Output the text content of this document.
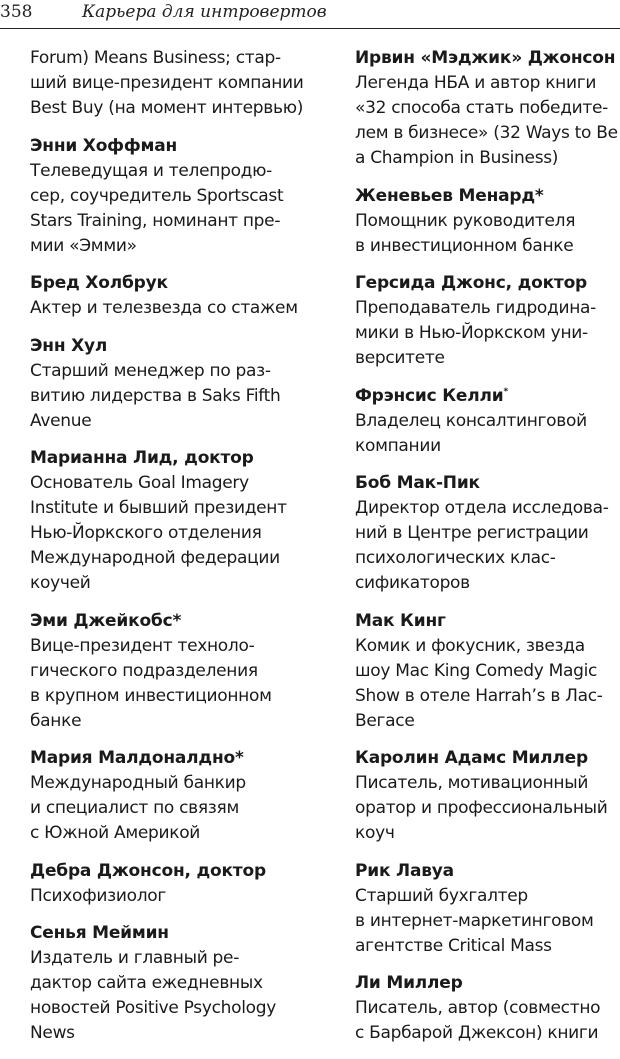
358	Карьера для интровертов
Forum) Means Business; стар-
ший вице-президент компании
Best Buy (на момент интервью)
Энни Хоффман
Телеведущая и телепродю-
сер, соучредитель Sportscast
Stars Training, номинант пре-
мии «Эмми»
Бред Холбрук
Актер и телезвезда со стажем
Энн Хул
Старший менеджер по раз-
витию лидерства в Saks Fifth
Avenue
Марианна Лид, доктор
Основатель Goal Imagery
Institute и бывший президент
Нью-Йоркского отделения
Международной федерации
коучей
Эми Джейкобс*
Вице-президент техноло-
гического подразделения
в крупном инвестиционном
банке
Мария Малдоналдно*
Международный банкир
и специалист по связям
с Южной Америкой
Дебра Джонсон, доктор
Психофизиолог
Сенья Меймин
Издатель и главный ре-
дактор сайта ежедневных
новостей Positive Psychology
News
Ирвин «Мэджик» Джонсон
Легенда НБА и автор книги
«32 способа стать победите-
лем в бизнесе» (32 Ways to Be
a Champion in Business)
Женевьев Менард*
Помощник руководителя
в инвестиционном банке
Герсида Джонс, доктор
Преподаватель гидродина-
мики в Нью-Йоркском уни-
верситете
Фрэнсис Келли*
Владелец консалтинговой
компании
Боб Мак-Пик
Директор отдела исследова-
ний в Центре регистрации
психологических клас-
сификаторов
Мак Кинг
Комик и фокусник, звезда
шоу Mac King Comedy Magic
Show в отеле Harrah’s в Лас-
Вегасе
Каролин Адамс Миллер
Писатель, мотивационный
оратор и профессиональный
коуч
Рик Лавуа
Старший бухгалтер
в интернет-маркетинговом
агентстве Critical Mass
Ли Миллер
Писатель, автор (совместно
с Барбарой Джексон) книги
